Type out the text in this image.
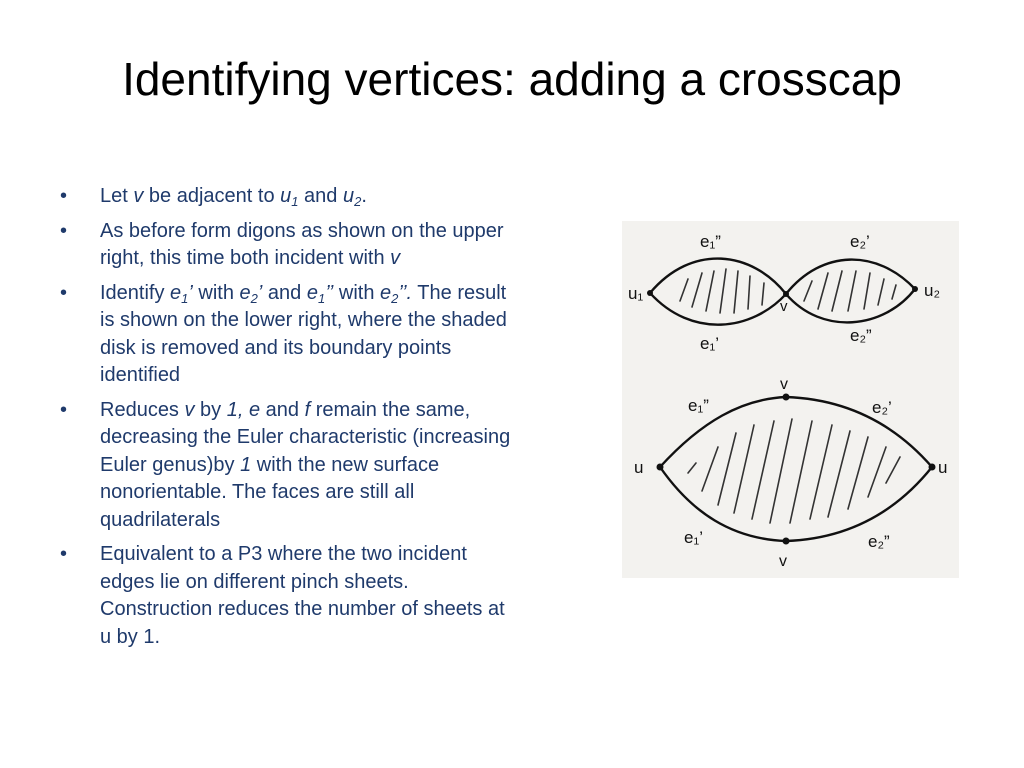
Identifying vertices: adding a crosscap
• Let v be adjacent to $u_1$ and $u_2$.
• As before form digons as shown on the upper right, this time both incident with v
• Identify $e_1$’ with $e_2$’ and $e_1$’’ with $e_2$’’. The result is shown on the lower right, where the shaded disk is removed and its boundary points identified
• Reduces v by 1, e and f remain the same, decreasing the Euler characteristic (increasing Euler genus)by 1 with the new surface nonorientable. The faces are still all quadrilaterals
• Equivalent to a P3 where the two incident edges lie on different pinch sheets. Construction reduces the number of sheets at u by 1.
u₁	u₂
v
e₁”	e₂’
e₁’	e₂”
v
v
u	u
e₁”	e₂’
e₁’	e₂”
